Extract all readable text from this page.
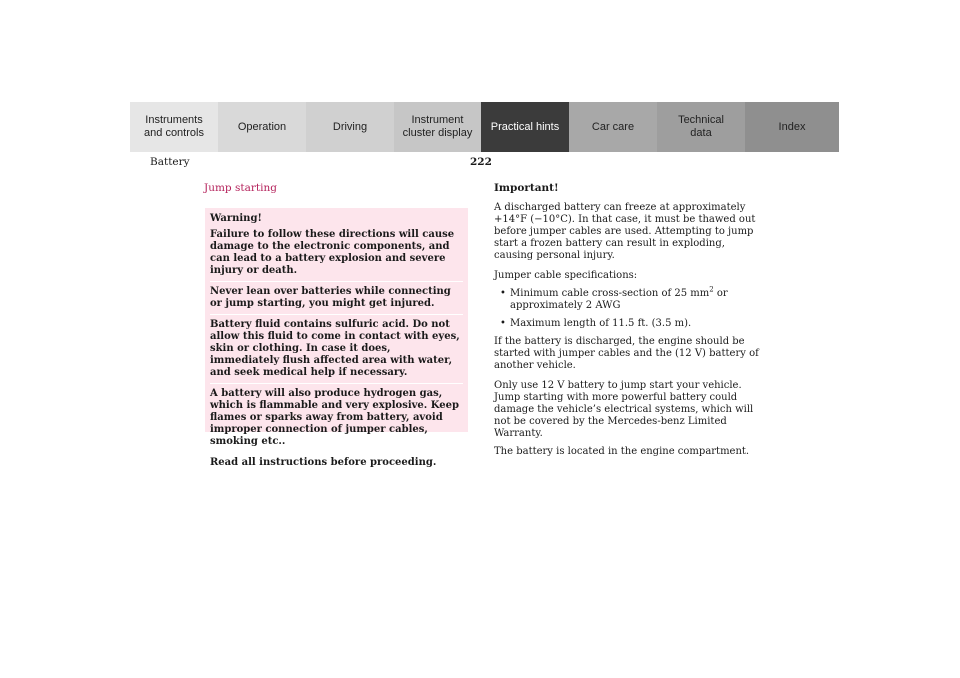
Instruments
and controls
Operation	Driving
Instrument
cluster display
Practical hints	Car care
Technical
data
Index
Battery	222
Jump starting

Warning!

Failure to follow these directions will cause damage to the electronic components, and can lead to a battery explosion and severe injury or death.

Never lean over batteries while connecting or jump starting, you might get injured.

Battery fluid contains sulfuric acid. Do not allow this fluid to come in contact with eyes, skin or clothing. In case it does, immediately flush affected area with water, and seek medical help if necessary.

A battery will also produce hydrogen gas, which is flammable and very explosive. Keep flames or sparks away from battery, avoid improper connection of jumper cables, smoking etc..

Read all instructions before proceeding.

Important!

A discharged battery can freeze at approximately +14°F (−10°C). In that case, it must be thawed out before jumper cables are used. Attempting to jump start a frozen battery can result in exploding, causing personal injury.

Jumper cable specifications:

• Minimum cable cross-section of 25 $mm^2$ or approximately 2 AWG
• Maximum length of 11.5 ft. (3.5 m).

If the battery is discharged, the engine should be started with jumper cables and the (12 V) battery of another vehicle.

Only use 12 V battery to jump start your vehicle. Jump starting with more powerful battery could damage the vehicle’s electrical systems, which will not be covered by the Mercedes-benz Limited Warranty.

The battery is located in the engine compartment.
